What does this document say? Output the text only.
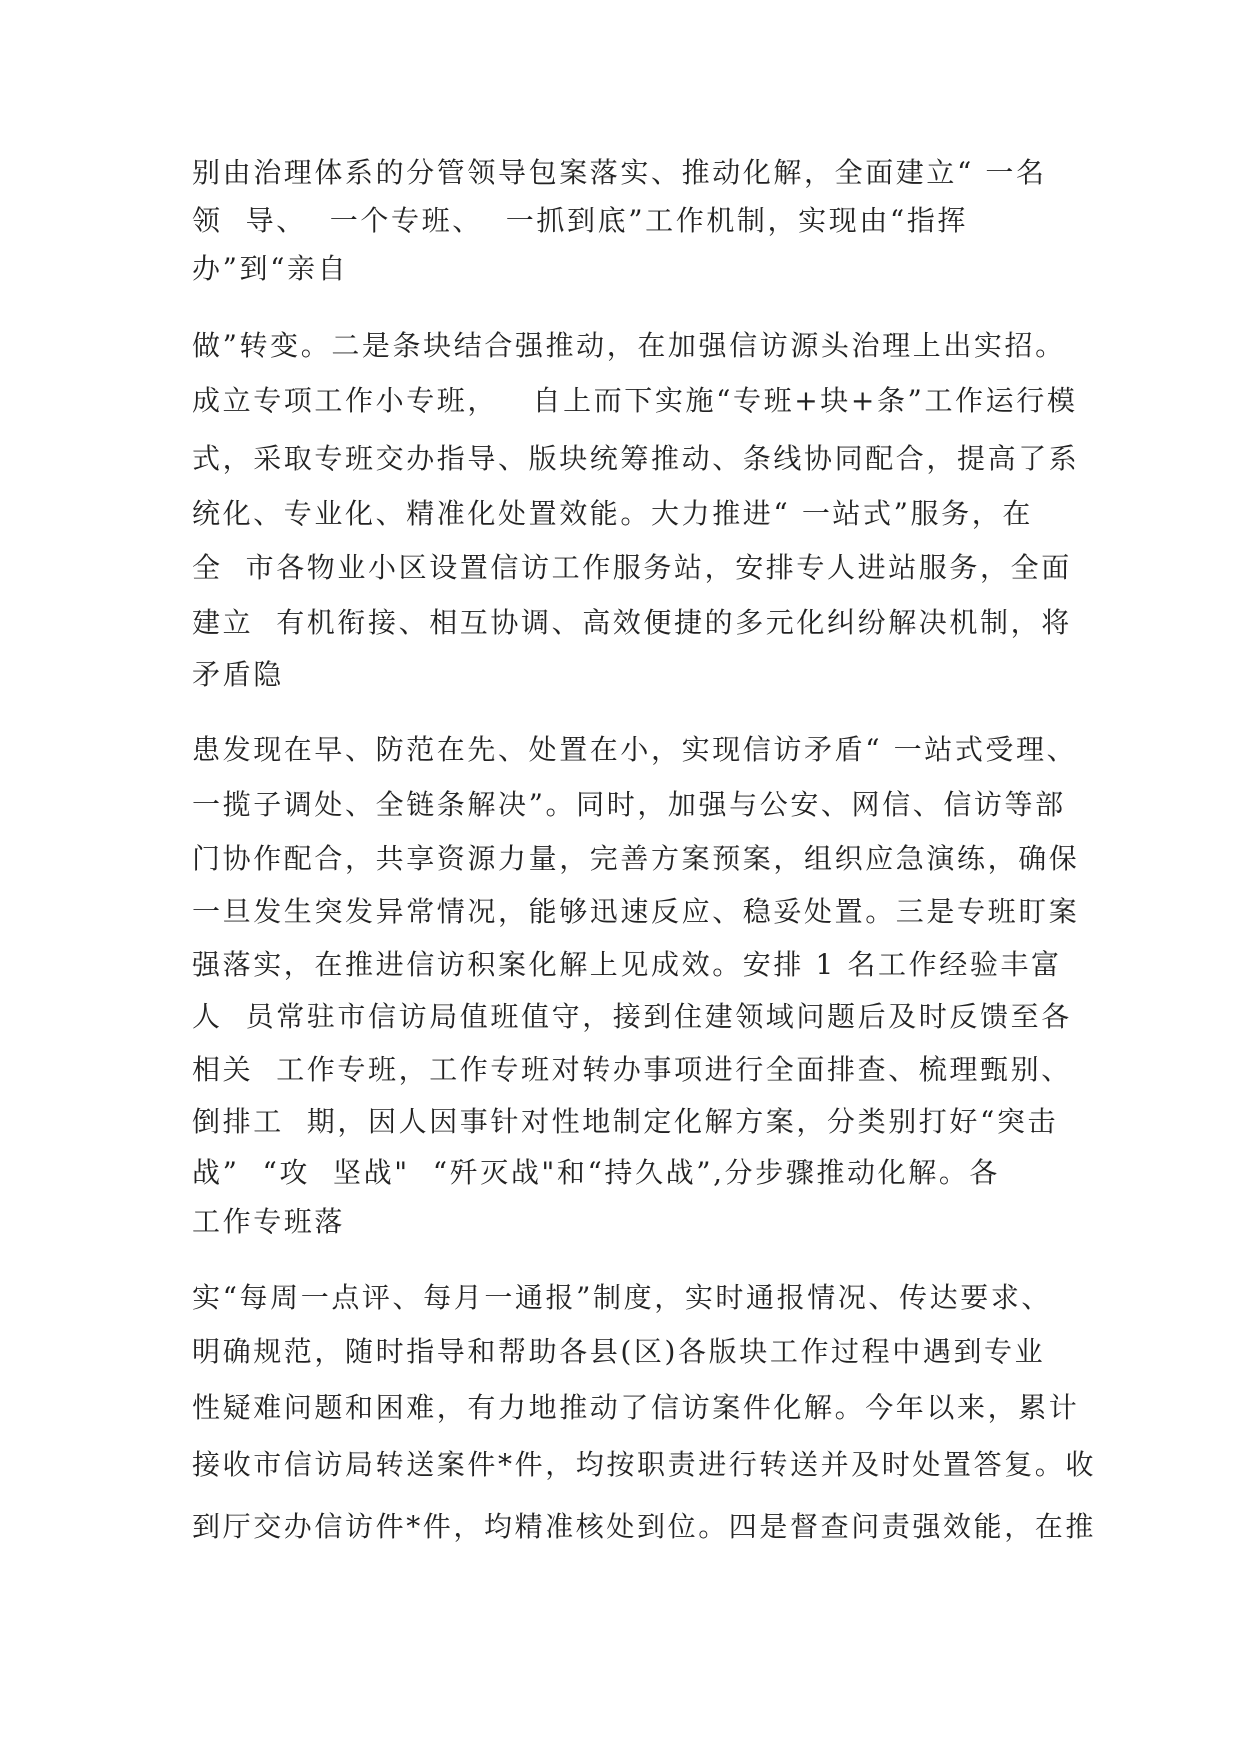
别由治理体系的分管领导包案落实、推动化解，全面建立“ 一名
领  导、  一个专班、  一抓到底”工作机制，实现由“指挥
办”到“亲自
做”转变。二是条块结合强推动，在加强信访源头治理上出实招。
成立专项工作小专班，   自上而下实施“专班+块+条”工作运行模
式，采取专班交办指导、版块统筹推动、条线协同配合，提高了系
统化、专业化、精准化处置效能。大力推进“ 一站式”服务，在
全  市各物业小区设置信访工作服务站，安排专人进站服务，全面
建立  有机衔接、相互协调、高效便捷的多元化纠纷解决机制，将
矛盾隐
患发现在早、防范在先、处置在小，实现信访矛盾“ 一站式受理、
一揽子调处、全链条解决”。同时，加强与公安、网信、信访等部
门协作配合，共享资源力量，完善方案预案，组织应急演练，确保
一旦发生突发异常情况，能够迅速反应、稳妥处置。三是专班盯案
强落实，在推进信访积案化解上见成效。安排 1 名工作经验丰富
人  员常驻市信访局值班值守，接到住建领域问题后及时反馈至各
相关  工作专班，工作专班对转办事项进行全面排查、梳理甄别、
倒排工  期，因人因事针对性地制定化解方案，分类别打好“突击
战”  “攻  坚战"  “歼灭战"和“持久战”,分步骤推动化解。各
工作专班落
实“每周一点评、每月一通报”制度，实时通报情况、传达要求、
明确规范，随时指导和帮助各县(区)各版块工作过程中遇到专业
性疑难问题和困难，有力地推动了信访案件化解。今年以来，累计
接收市信访局转送案件*件，均按职责进行转送并及时处置答复。收
到厅交办信访件*件，均精准核处到位。四是督查问责强效能，在推
